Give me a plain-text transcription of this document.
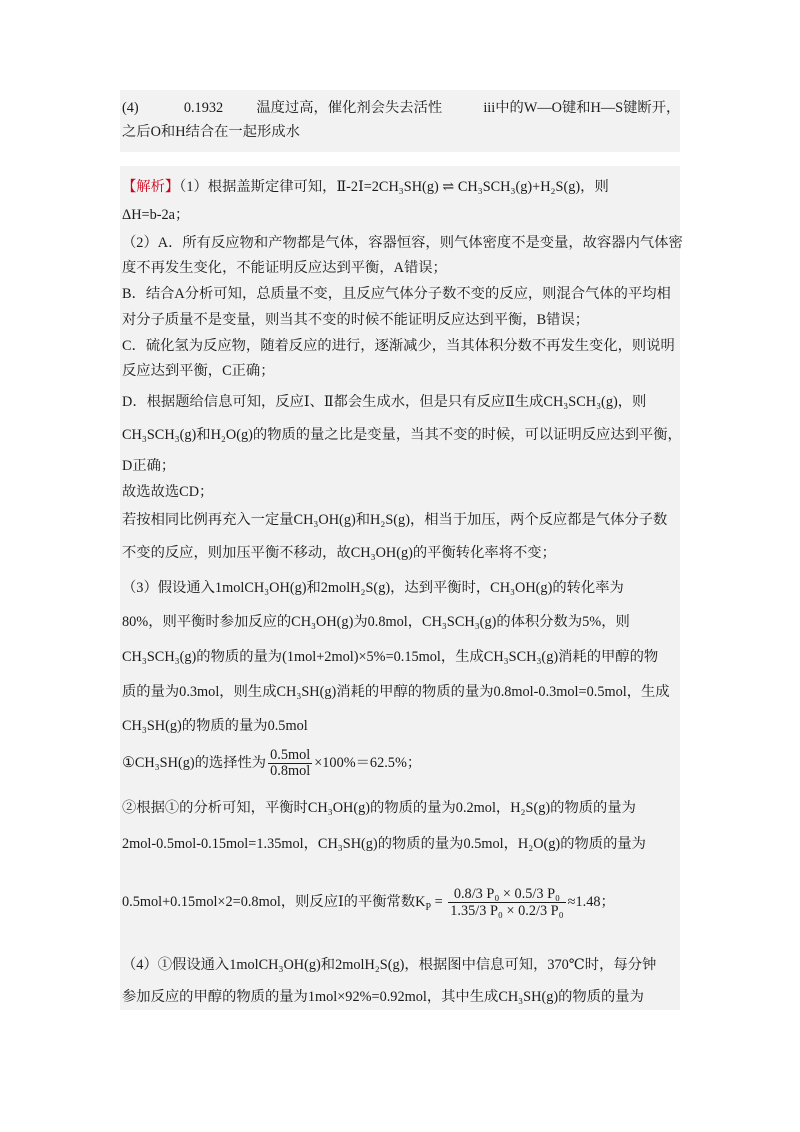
(4)	0.1932 温度过高，催化剂会失去活性	iii中的W—O键和H—S键断开，
之后O和H结合在一起形成水
【解析】（1）根据盖斯定律可知，Ⅱ-2Ⅰ=2CH₃SH(g) ⇌ CH₃SCH₃(g)+H₂S(g)，则
ΔH=b-2a；
（2）A．所有反应物和产物都是气体，容器恒容，则气体密度不是变量，故容器内气体密
度不再发生变化，不能证明反应达到平衡，A错误；
B．结合A分析可知，总质量不变，且反应气体分子数不变的反应，则混合气体的平均相
对分子质量不是变量，则当其不变的时候不能证明反应达到平衡，B错误；
C．硫化氢为反应物，随着反应的进行，逐渐减少，当其体积分数不再发生变化，则说明
反应达到平衡，C正确；
D．根据题给信息可知，反应Ⅰ、Ⅱ都会生成水，但是只有反应Ⅱ生成CH₃SCH₃(g)，则
CH₃SCH₃(g)和H₂O(g)的物质的量之比是变量，当其不变的时候，可以证明反应达到平衡，
D正确；
故选故选CD；
若按相同比例再充入一定量CH₃OH(g)和H₂S(g)，相当于加压，两个反应都是气体分子数
不变的反应，则加压平衡不移动，故CH₃OH(g)的平衡转化率将不变；
（3）假设通入1molCH₃OH(g)和2molH₂S(g)，达到平衡时，CH₃OH(g)的转化率为
80%，则平衡时参加反应的CH₃OH(g)为0.8mol，CH₃SCH₃(g)的体积分数为5%，则
CH₃SCH₃(g)的物质的量为(1mol+2mol)×5%=0.15mol，生成CH₃SCH₃(g)消耗的甲醇的物
质的量为0.3mol，则生成CH₃SH(g)消耗的甲醇的物质的量为0.8mol-0.3mol=0.5mol，生成
CH₃SH(g)的物质的量为0.5mol
①CH₃SH(g)的选择性为 $\frac{\text{0.5mol}}{\text{0.8mol}} \times 100\%=62.5\%$；
②根据①的分析可知，平衡时CH₃OH(g)的物质的量为0.2mol，H₂S(g)的物质的量为
2mol-0.5mol-0.15mol=1.35mol，CH₃SH(g)的物质的量为0.5mol，H₂O(g)的物质的量为
0.5mol+0.15mol×2=0.8mol，则反应Ⅰ的平衡常数$K_P = \frac{\text{0.8/3 P₀ × 0.5/3 P₀}}{\text{1.35/3 P₀ × 0.2/3 P₀}} \approx 1.48$；
（4）①假设通入1molCH₃OH(g)和2molH₂S(g)，根据图中信息可知，370℃时，每分钟
参加反应的甲醇的物质的量为1mol×92%=0.92mol，其中生成CH₃SH(g)的物质的量为
